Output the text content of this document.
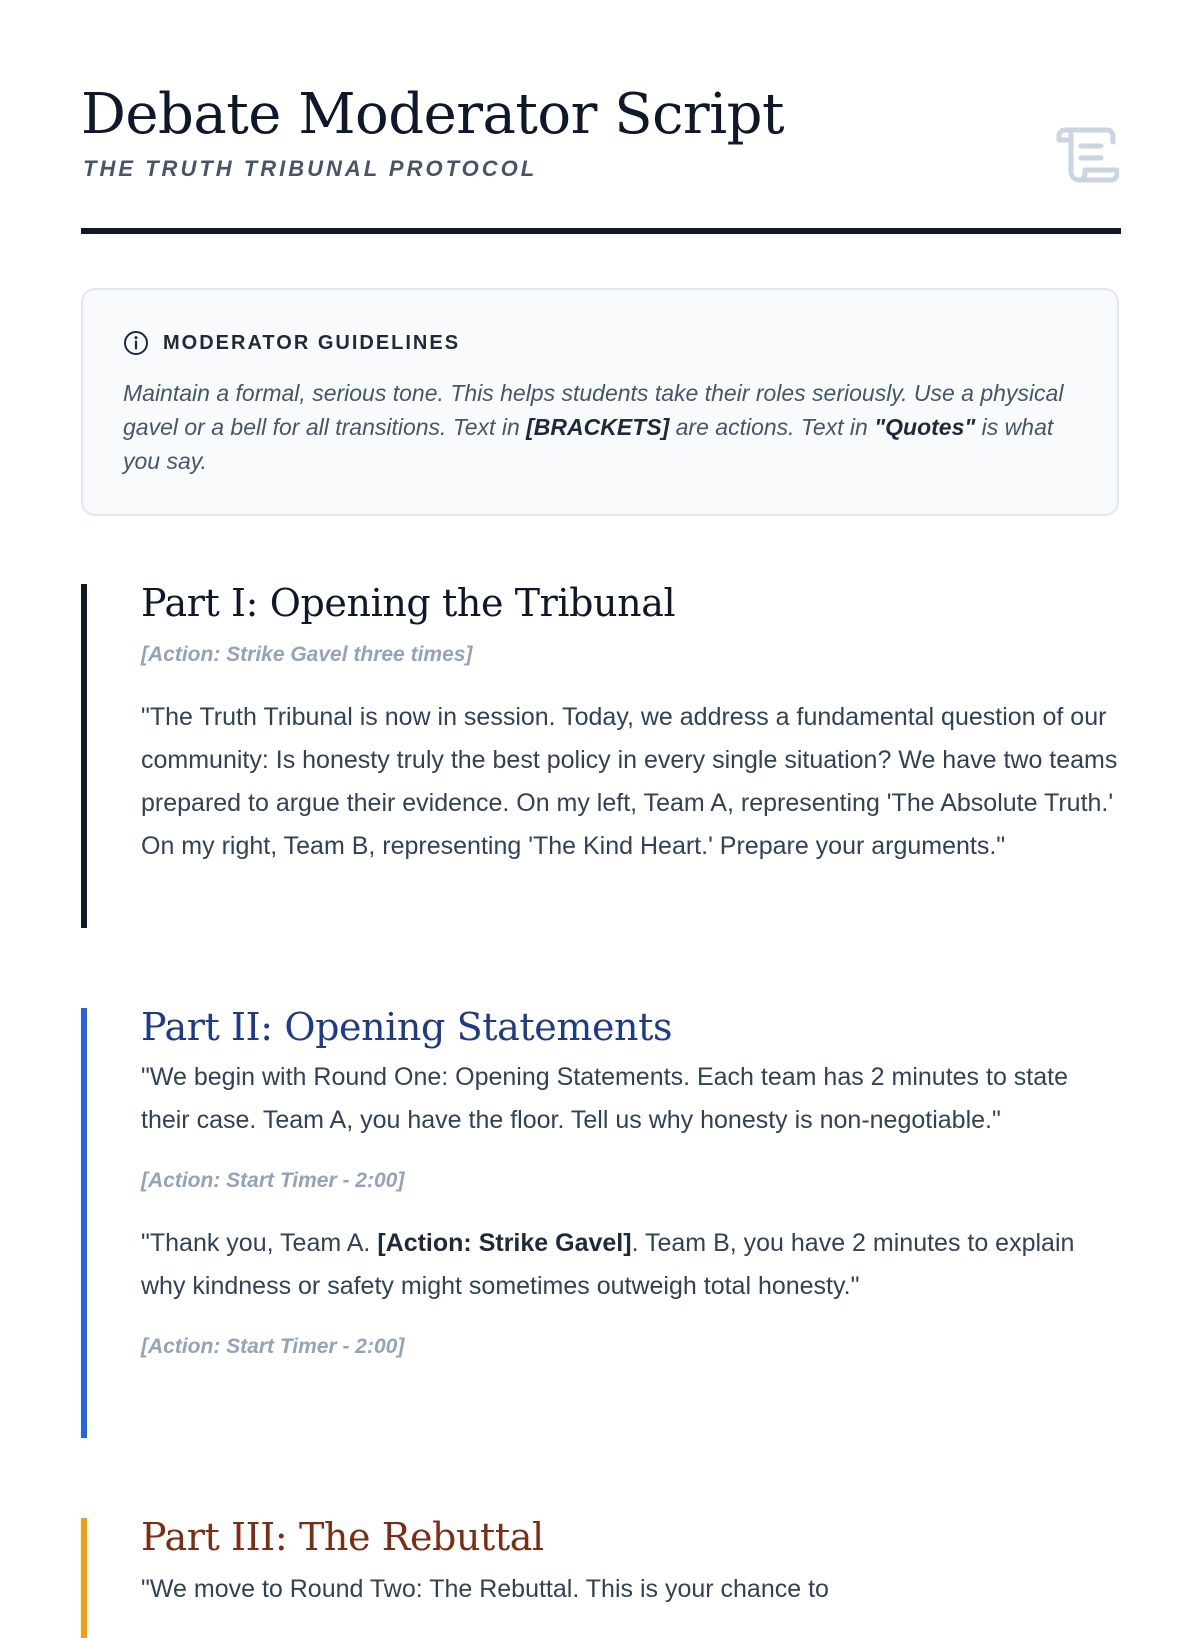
Debate Moderator Script
THE TRUTH TRIBUNAL PROTOCOL
MODERATOR GUIDELINES

Maintain a formal, serious tone. This helps students take their roles seriously. Use a physical gavel or a bell for all transitions. Text in [BRACKETS] are actions. Text in "Quotes" is what you say.

Part I: Opening the Tribunal

[Action: Strike Gavel three times]

"The Truth Tribunal is now in session. Today, we address a fundamental question of our community: Is honesty truly the best policy in every single situation? We have two teams prepared to argue their evidence. On my left, Team A, representing 'The Absolute Truth.' On my right, Team B, representing 'The Kind Heart.' Prepare your arguments."

Part II: Opening Statements

"We begin with Round One: Opening Statements. Each team has 2 minutes to state their case. Team A, you have the floor. Tell us why honesty is non-negotiable."

[Action: Start Timer - 2:00]

"Thank you, Team A. [Action: Strike Gavel]. Team B, you have 2 minutes to explain why kindness or safety might sometimes outweigh total honesty."

[Action: Start Timer - 2:00]

Part III: The Rebuttal

"We move to Round Two: The Rebuttal. This is your chance to
